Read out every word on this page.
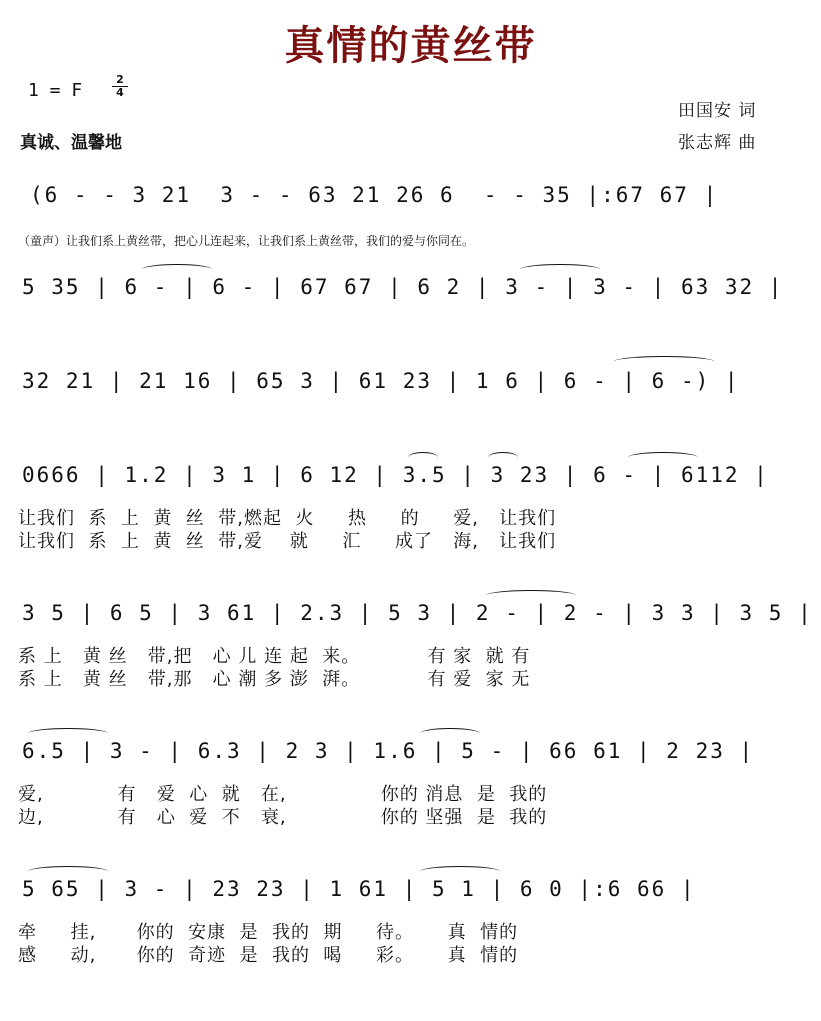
真情的黄丝带
1 = F
2
4
真诚、温馨地
田国安 词
张志辉 曲
(6 - - 3 21  3 - - 63 21 26 6  - - 35 |:67 67 |
（童声）让我们系上黄丝带，把心儿连起来，让我们系上黄丝带，我们的爱与你同在。
5 35 | 6 - | 6 - | 67 67 | 6 2 | 3 - | 3 - | 63 32 |
32 21 | 21 16 | 65 3 | 61 23 | 1 6 | 6 - | 6 -) |
0666 | 1.2 | 3 1 | 6 12 | 3.5 | 3 23 | 6 - | 6112 |
让我们  系  上  黄  丝  带,燃起  火     热     的     爱,   让我们
让我们  系  上  黄  丝  带,爱    就     汇     成了   海,   让我们
3 5 | 6 5 | 3 61 | 2.3 | 5 3 | 2 - | 2 - | 3 3 | 3 5 |
系 上   黄 丝   带,把   心 儿 连 起  来。          有 家  就 有
系 上   黄 丝   带,那   心 潮 多 澎  湃。          有 爱  家 无
6.5 | 3 - | 6.3 | 2 3 | 1.6 | 5 - | 66 61 | 2 23 |
爱,           有   爱  心  就   在,              你的 消息  是  我的
边,           有   心  爱  不   衰,              你的 坚强  是  我的
5 65 | 3 - | 23 23 | 1 61 | 5 1 | 6 0 |:6 66 |
牵     挂,      你的  安康  是  我的  期     待。     真  情的
感     动,      你的  奇迹  是  我的  喝     彩。     真  情的
